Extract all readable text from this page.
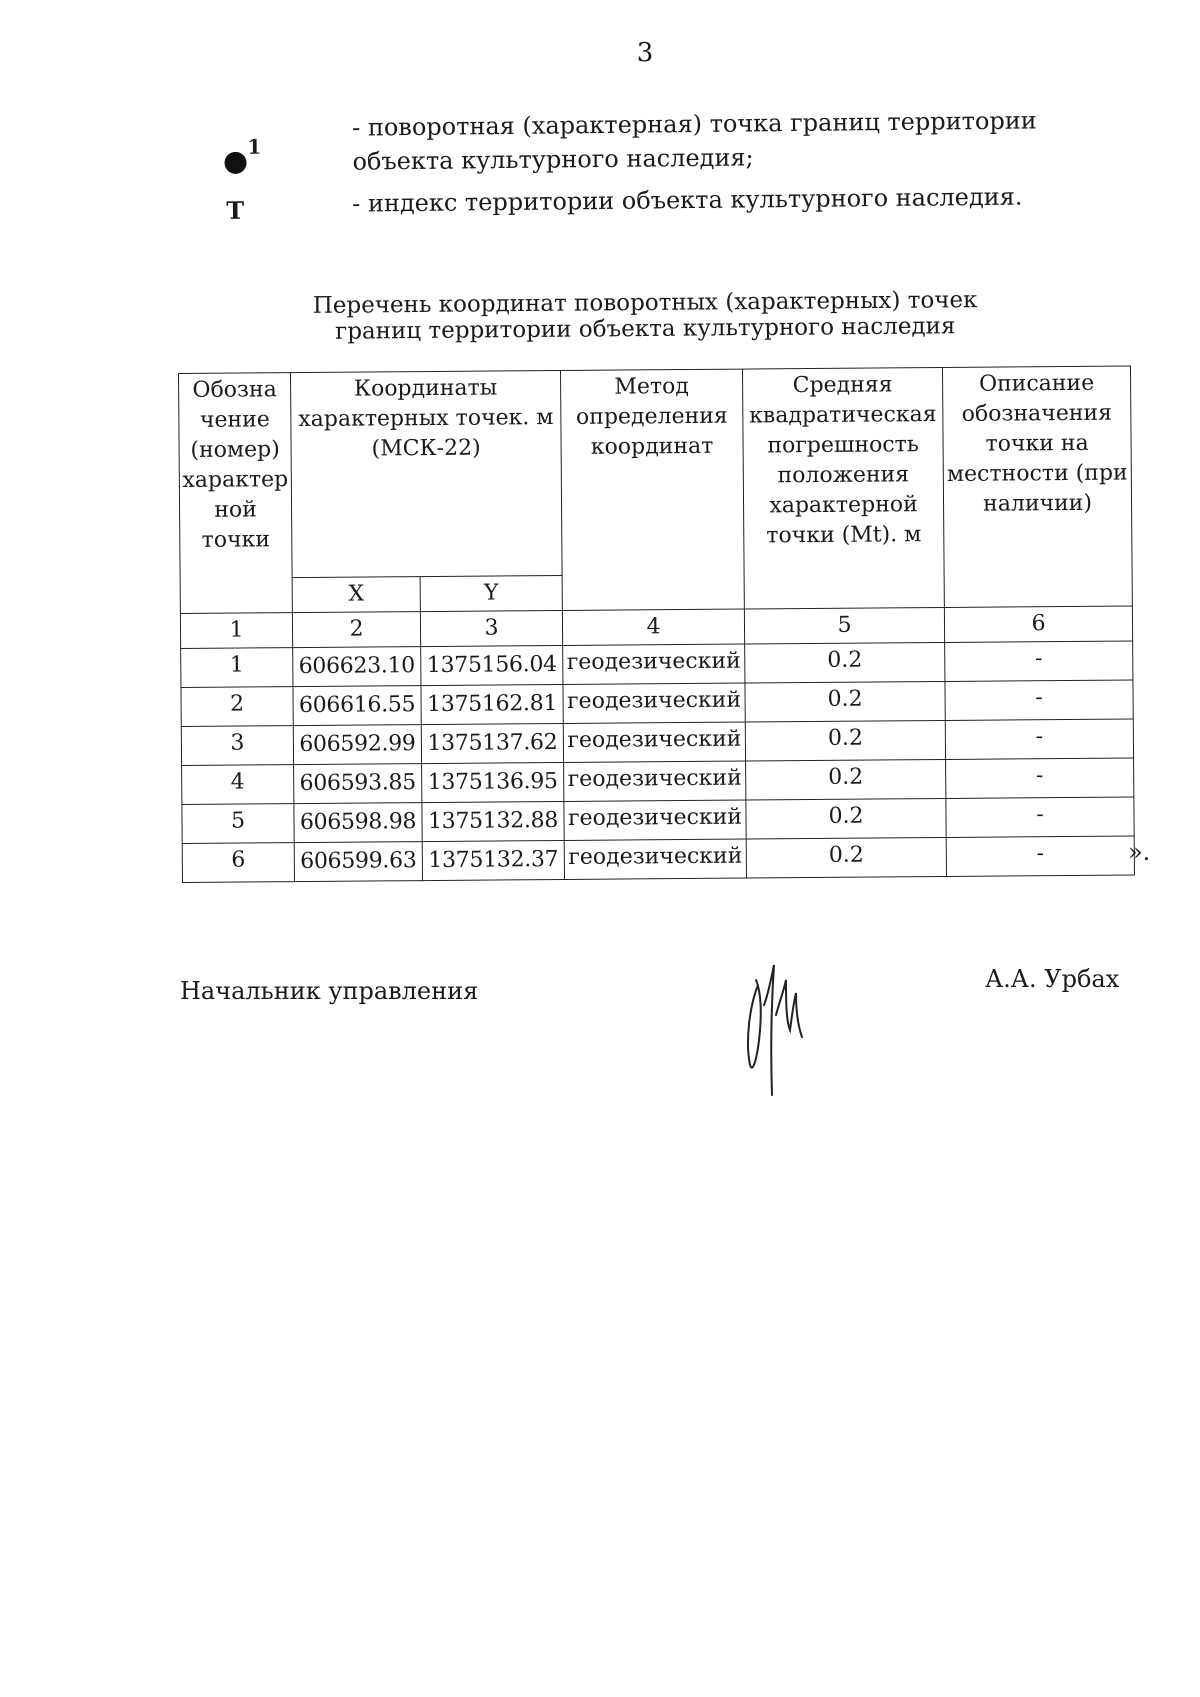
3
1
- поворотная (характерная) точка границ территории объекта культурного наследия;
Т	- индекс территории объекта культурного наследия.
Перечень координат поворотных (характерных) точек
границ территории объекта культурного наследия
Обозна чение (номер) характер ной точки	Координаты характерных точек. м (МСК-22)		Метод определения координат	Средняя квадратическая погрешность положения характерной точки (Mt). м	Описание обозначения точки на местности (при наличии)
	X	Y			
1	2	3	4	5	6
1	606623.10	1375156.04	геодезический	0.2	-
2	606616.55	1375162.81	геодезический	0.2	-
3	606592.99	1375137.62	геодезический	0.2	-
4	606593.85	1375136.95	геодезический	0.2	-
5	606598.98	1375132.88	геодезический	0.2	-
6	606599.63	1375132.37	геодезический	0.2	-	».
Начальник управления	А.А. Урбах
